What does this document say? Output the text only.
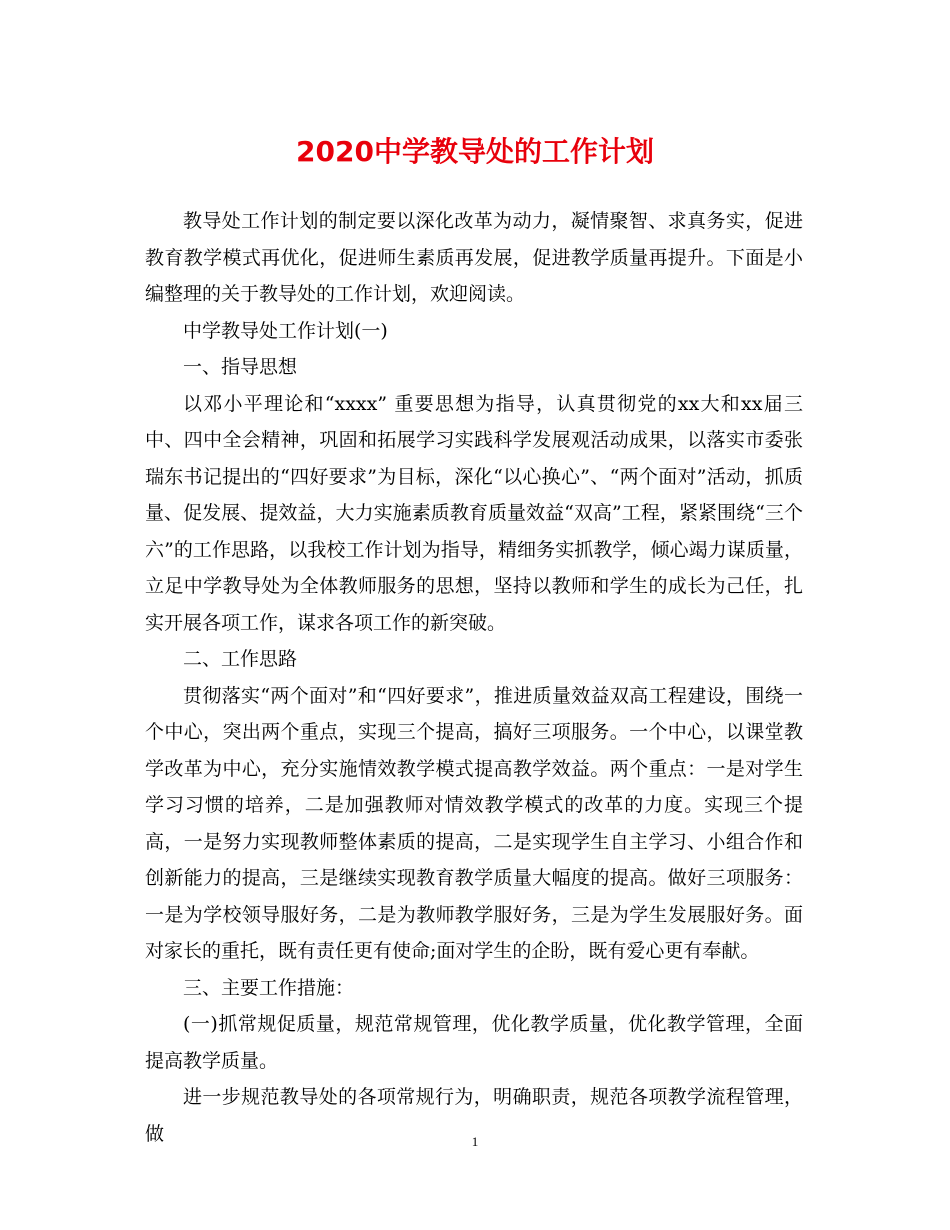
2020中学教导处的工作计划

教导处工作计划的制定要以深化改革为动力，凝情聚智、求真务实，促进教育教学模式再优化，促进师生素质再发展，促进教学质量再提升。下面是小编整理的关于教导处的工作计划，欢迎阅读。

中学教导处工作计划(一)

一、指导思想

以邓小平理论和“xxxx” 重要思想为指导，认真贯彻党的xx大和xx届三中、四中全会精神，巩固和拓展学习实践科学发展观活动成果，以落实市委张瑞东书记提出的“四好要求”为目标，深化“以心换心”、“两个面对”活动，抓质量、促发展、提效益，大力实施素质教育质量效益“双高”工程，紧紧围绕“三个六”的工作思路，以我校工作计划为指导，精细务实抓教学，倾心竭力谋质量，立足中学教导处为全体教师服务的思想，坚持以教师和学生的成长为己任，扎实开展各项工作，谋求各项工作的新突破。

二、工作思路

贯彻落实“两个面对”和“四好要求”，推进质量效益双高工程建设，围绕一个中心，突出两个重点，实现三个提高，搞好三项服务。一个中心，以课堂教学改革为中心，充分实施情效教学模式提高教学效益。两个重点：一是对学生学习习惯的培养，二是加强教师对情效教学模式的改革的力度。实现三个提高，一是努力实现教师整体素质的提高，二是实现学生自主学习、小组合作和创新能力的提高，三是继续实现教育教学质量大幅度的提高。做好三项服务：一是为学校领导服好务，二是为教师教学服好务，三是为学生发展服好务。面对家长的重托，既有责任更有使命;面对学生的企盼，既有爱心更有奉献。

三、主要工作措施：

(一)抓常规促质量，规范常规管理，优化教学质量，优化教学管理，全面提高教学质量。

进一步规范教导处的各项常规行为，明确职责，规范各项教学流程管理，做	1
